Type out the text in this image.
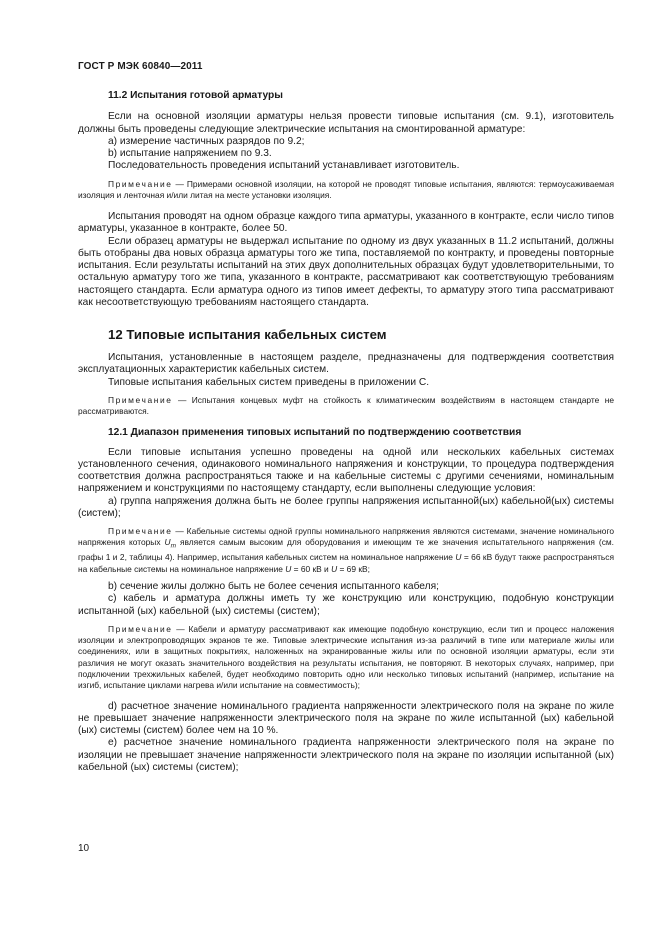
ГОСТ Р МЭК 60840—2011

11.2 Испытания готовой арматуры

Если на основной изоляции арматуры нельзя провести типовые испытания (см. 9.1), изготовитель должны быть проведены следующие электрические испытания на смонтированной арматуре:

a) измерение частичных разрядов по 9.2;

b) испытание напряжением по 9.3.

Последовательность проведения испытаний устанавливает изготовитель.

Примечание — Примерами основной изоляции, на которой не проводят типовые испытания, являются: термоусаживаемая изоляция и ленточная и/или литая на месте установки изоляция.

Испытания проводят на одном образце каждого типа арматуры, указанного в контракте, если число типов арматуры, указанное в контракте, более 50.

Если образец арматуры не выдержал испытание по одному из двух указанных в 11.2 испытаний, должны быть отобраны два новых образца арматуры того же типа, поставляемой по контракту, и проведены повторные испытания. Если результаты испытаний на этих двух дополнительных образцах будут удовлетворительными, то остальную арматуру того же типа, указанного в контракте, рассматривают как соответствующую требованиям настоящего стандарта. Если арматура одного из типов имеет дефекты, то арматуру этого типа рассматривают как несоответствующую требованиям настоящего стандарта.

12 Типовые испытания кабельных систем

Испытания, установленные в настоящем разделе, предназначены для подтверждения соответствия эксплуатационных характеристик кабельных систем.

Типовые испытания кабельных систем приведены в приложении С.

Примечание — Испытания концевых муфт на стойкость к климатическим воздействиям в настоящем стандарте не рассматриваются.

12.1 Диапазон применения типовых испытаний по подтверждению соответствия

Если типовые испытания успешно проведены на одной или нескольких кабельных системах установленного сечения, одинакового номинального напряжения и конструкции, то процедура подтверждения соответствия должна распространяться также и на кабельные системы с другими сечениями, номинальным напряжением и конструкциями по настоящему стандарту, если выполнены следующие условия:

а) группа напряжения должна быть не более группы напряжения испытанной(ых) кабельной(ых) системы (систем);

Примечание — Кабельные системы одной группы номинального напряжения являются системами, значение номинального напряжения которых $U_m$ является самым высоким для оборудования и имеющим те же значения испытательного напряжения (см. графы 1 и 2, таблицы 4). Например, испытания кабельных систем на номинальное напряжение U = 66 кВ будут также распространяться на кабельные системы на номинальное напряжение U = 60 кВ и U = 69 кВ;

b) сечение жилы должно быть не более сечения испытанного кабеля;

c) кабель и арматура должны иметь ту же конструкцию или конструкцию, подобную конструкции испытанной (ых) кабельной (ых) системы (систем);

Примечание — Кабели и арматуру рассматривают как имеющие подобную конструкцию, если тип и процесс наложения изоляции и электропроводящих экранов те же. Типовые электрические испытания из-за различий в типе или материале жилы или соединениях, или в защитных покрытиях, наложенных на экранированные жилы или по основной изоляции арматуры, если эти различия не могут оказать значительного воздействия на результаты испытания, не повторяют. В некоторых случаях, например, при подключении трехжильных кабелей, будет необходимо повторить одно или несколько типовых испытаний (например, испытание на изгиб, испытание циклами нагрева и/или испытание на совместимость);

d) расчетное значение номинального градиента напряженности электрического поля на экране по жиле не превышает значение напряженности электрического поля на экране по жиле испытанной (ых) кабельной (ых) системы (систем) более чем на 10 %.

e) расчетное значение номинального градиента напряженности электрического поля на экране по изоляции не превышает значение напряженности электрического поля на экране по изоляции испытанной (ых) кабельной (ых) системы (систем);

10
